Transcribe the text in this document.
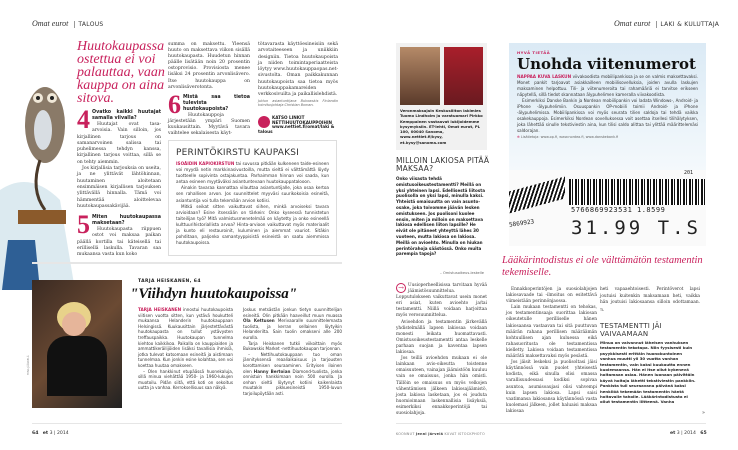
Omat eurot TALOUS
Huutokaupassa ostettua ei voi palauttaa, vaan kauppa on aina sitova.
4 Ovatko kaikki huutajat samalla viivalla?

Huutajat ovat tasa-arvoisia. Vain silloin, jos kirjallinen tarjous on samanarvoinen salissa tai puhelimessa tehdyn kanssa, kirjallinen tarjous voittaa, sillä se on tehty aiemmin.

Jos kirjallisia tarjouksia on useita, ja ne ylittävät lähtöhinnan, huutaminen aloitetaan ensimmäisen kirjallisen tarjouksen ylittävällä hinnalla. Tämä voi hämmentää aloittelevaa huutokaupassakävijää.

5 Miten huutokaupassa maksetaan?

Huutokaupasta riippuen ostot voi maksaa paikan päällä kortilla tai käteisellä tai erillisellä laskulla. Tavaran saa mukaansa vasta kun koko

summa on maksettu. Yleensä huuto on maksettava viikon sisällä huutokaupasta. Huudetun hinnan päälle lisätään noin 20 prosentin ostoprovisio. Provisiosta menee lisäksi 24 prosentin arvonlisävero. Itse huutokauppa on arvonlisäverotonta.

6 Mistä saa tietoa tulevista huutokaupoista?

Huutokauppoja järjestetään ympäri Suomen kuukausittain. Myytävä tavara vaihtelee sekalaisesta käyt-

tötavarasta käyttöesineisiin sekä arvotaiteeseen ja uniikkiin designiin. Tietoa huutokaupoista ja niiden toimintaperiaatteista löytyy www.huutokauppaopas.net-sivustolta. Oman paikkakunnan huutokaupoista saa tietoa myös huutokauppakamareiden verkkosivuilta ja paikallislehdistä.

Juttun asiantuntijana Bukowskis Finlandin toimitusjohtaja Christian Boman.
KATSO LINKIT
NETTIHUUTOKAUPPOIHIN
www.nettiet.fi/omat/laki & talous
PERINTÖKIRSTU KAUPAKSI

ISOÄIDIN KAPIOKIRSTUN tai suvussa pitkään kulkeneen taide-esineen voi myydä netin markkinasivustoilla, mutta sieltä ei välttämättä löydy tuotteelle sopivinta ostajakuntaa. Parhaimman hinnan voi saada, kun antaa esineen myytäväksi asiantuntevaan huutokauppatalooon.

Ainakin tavaraa kannattaa vilauttaa asiantuntijalle, joka osaa kertoa sen rahallisen arvon. Jos suunnittelet myyväsi suurikokoisia esineitä, asiantuntija voi tulla tekemään arvion kotiisi.

Mitkä seikat sitten vaikuttavat siihen, minkä arvoiseksi tavara arvioidaan? Esine itsessään on tärkein: Onko kyseessä tunnistetun taiteilijan työ? Mitä valmistusmenetelmää on käytetty ja onko esineellä kulttuurihistoriallista arvoa? Hinta-arvioon vaikuttavat myös materiaalit ja kunto eli restauroinit, kuluminen ja aiemmat vauriot. Sitäkin pohditaan, paljonko samantyyppisistä esineistä on saatu aiemmissa huutokaupoissa.

TIINA JÄÄSKELÄ
TARJA HEISKANEN, 64
"Viihdyn huutokaupoissa"

TARJA HEISKANEN innostui huutokaupoista viitisen vuotta sitten, kun ystävä houkutteli mukaansa Helanderin huutokauppaan Helsingissä. Kuukausittain järjestettävästä huutokaupasta on tullut ystävysten treffauspaikka. Huutokaupan tunnelma kiehtoo kaikkikoa. Paikalla on kauppiaiden ja ammattikeräilijöiden lisäksi tavallisia ihmisiä, jotka tulevat katsomaan esineitä ja aistimaan tunnelmaa. Kun jonkin esine kolahtaa, sen voi koettaa huutaa omakseen.

– Olen hankkinut etupäässä huonekaluja, sillä minua viehättää 1950- ja 1960-lukujen muotoilu. Pidän siitä, että koti on sekoitus uutta ja vanhaa. Kerroksellisuus saa näkyä.

Joskus metsästän jonkun tietyn suunnittelijan esineitä. Olin pitkään haaveillut muun muassa Ola Kettusen Merivaaralle suunnittelemasta tuolista, ja kerran sellainen löytyikin Helanderilta. Sain tuolin omakseni alle 200 eurolla.

Tarja Heiskanen tutkii viikoittain myös Bukowskis Market -nettihuutokaupan tarjonnan.

– Nettihuutokauppaan tuo oman jännityksensä reaaliaikaisuus ja tarjousten korottamisen seuraaminen. Erityisen iloinen olen Hanny Bertoian Diamond-tuolista, jonka onnistuin hankkimaan noin 500 eurolla. Ja onhan sieltä löytynyt kotiini kaikenlaista muutakin pikkuesineistä 1950-luvun tarjoilupöytään asti.

64 et 3 | 2014
Omat eurot LAKI & KULUTTAJA
Veronmaksajain Keskusliiton lakimies Tuomo Lindholm ja varatuomari Pirkko Kemppainen vastaavat lukijoidemme kysymyksiin. ET-lehti, Omat eurot, PL 100, 00040 Sanoma, www.nettiet.fi/kysy, et.kysy@sanoma.com
MILLOIN LAKIOSA PITÄÄ MAKSAA?
Onko viisasta tehdä omistusoikeustestamentti? Meillä on yksi yhteinen lapsi. Edellisestä liitosta puolisolla on yksi lapsi, minulla kaksi. Yhteistä omaisuutta on vain asunto-osake, joka toivomme jäävän lesken omistukseen. Jos puolisoni kuolee ensin, miten ja milloin on maksettava lakiosa edellisen liiton lapsille? He eivät ole pitäneet yhteyttä lähes 30 vuoteen, mutta lakiosa on lakiosa. Meillä on avioehto. Minulla on hiukan perintörahoja säästössä. Onko muita parempia tapoja?
– Omistusoikeus-leskelle

→ Uusioperheellisissa tarvitaan hyvää jäämistösuunnittelua. Lopputulokseen vaikuttavat usein monet eri asiat, kuten avioehto ja/tai testamentti. Niillä voidaan harjoittaa myös verosuunnittelua.

Avioehdon ja testamentin järkevällä yhdistelmällä lapsen lakiosaa voidaan monesti leikata huomattavasti. Omistusoikeustestamentti antaa leskelle parhaan suojan ja kaventaa lapsen lakiosaa.

Jos teillä avioehdon mukaan ei ole lainkaan avio-oikeutta toistenne omaisuuteen, vainajan jäämistöön kuuluu vain se omaisuus, jonka hän omisti. Tällöin se omaisuus on myös velkojen vähentämisen jälkeen lakiosajäämistö, josta lakiosa lasketaan, jos ei jouduta huomioimaan laskennallisia lisäyksiä, esimerkiksi ennakkoperintöjä tai suosiolahjoja.

HYVÄ TIETÄÄ
Unohda viitenumerot

NAPPAA KUVA LASKUN viivakoodista mobiilipankissa ja se on valmis maksettavaksi. Monet pankit tarjoavat asiakkailleen mobiilisovelluksia, joiden avulla laskujen maksaminen helpottuu. Tili- ja viitenumeroita tai rahamääriä ei tarvitse erikseen näpytellä, sillä tiedot skannataan älypuhelimen kameralla viivakoodista.

Esimerkiksi Danske Bankin ja Nordean mobiilipankin voi ladata Windows-, Android- ja iPhone -älypuhelimiin. Osuuspankin OP-mobiili toimii Android- ja iPhone -älypuhelimissa. Mobiilipankissa voi myös seurata tilien saldoja tai tehdä vaikka osakekauppoja. Esimerkiksi Nordean sovelluksessa voit asettaa itsellesi tilihälytyksen, joka lähettää sinulle tekstiviestin aina, kun tilisi saldo alittaa tai ylittää määrittelemäsi saldorajan.

⊕ Lisätietoja: www.op.fi, www.nordea.fi, www.danskebank.fi

201
5766869923531 1.8599
5869923 31.99 T.S
Lääkärintodistus ei ole välttämätön testamentin tekemiselle.

Ennakkoperintöjen ja suosiolahjojen lakiosavaade tai -ilmoitus on esitettävä viimeistään perinnönjaossa.

Lain mukaan testamentti on tehokas, jos testamentinsaaja suorittaa lakiosan oikeutetulle perilliselle hänen lakiosaansa vastaavan tai sitä puuttuvan määrän rahana perillisen määräämän kohtuullisen ajan kuluessa eikä rahasuoritusta ole testamentissa kielletty. Lakiosa voidaan testamentissa määrätä maksettavaksi myös pesästä.

Jos jäisit leskeksi ja puolisoltasi jäisi käytännössä vain puolet yhteisestä kodista, eikä sinulla olisi omassa varallisuudessasi kodiksi sopivaa asuntoa, asumisoaujasi olisi vahvempi kuin lapsen lakiosa. Lapsi saisi vaatimansa lakiosansa käytännössä vasta kuolemasi jälkeen, jollet haluaisi maksaa lakiosaa

heti vapaaehtoisesti. Perintöverot lapsi joutuisi kuitenkin maksamaan heti, vaikka hän joutuisi lakiosaansa silloin odottamaan. TL

TESTAMENTTI JÄI VAIVAAMAAN
Minua on vaivannut läheisen vanhuksen testamentin tekotapa. Niin fyysisesti kuin psyykkisesti erittäin huonokuntoinen vanhus muutti yli 30 vuotta vanhan testamentin, vain kaksi kuukautta ennen kuolemaansa. Hän ei itse ollut kykenevä hoitamaan asiaa. Hänen luonaan päivittäin käyvä hoitaja lähetti tekstiviestin pankkiin. Pankista tuli seuraavana päivänä kaksi henkilöä tekemään testamentin häntä hoitavalle taholle. Lääkärintodistusta ei ollut testamentin liitteenä. Vanha
»
KOONNUT Jenni Järvelä KUVAT ISTOCKPHOTO	et 3 | 2014 65
